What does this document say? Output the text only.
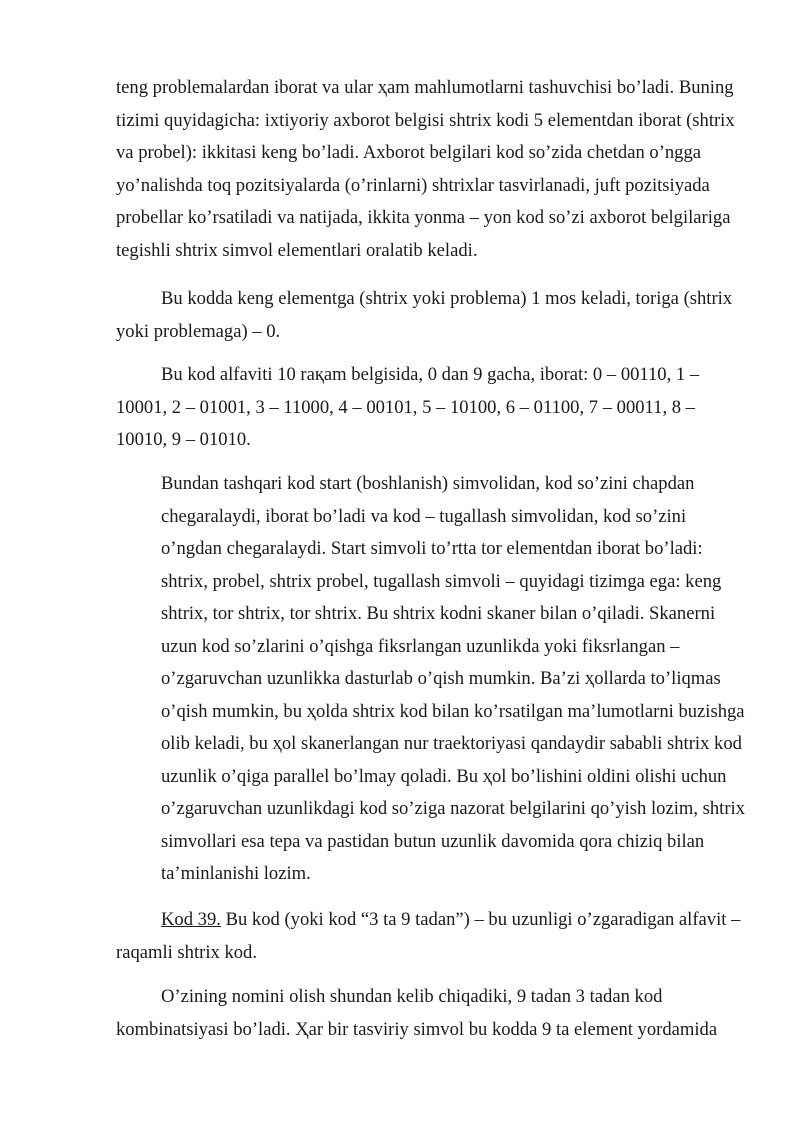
teng problemalardan iborat va ular ҳam mahlumotlarni tashuvchisi bo’ladi. Buning tizimi quyidagicha: ixtiyoriy axborot belgisi shtrix kodi 5 elementdan iborat (shtrix va probel): ikkitasi keng bo’ladi. Axborot belgilari kod so’zida chetdan o’ngga yo’nalishda toq pozitsiyalarda (o’rinlarni) shtrixlar tasvirlanadi, juft pozitsiyada probellar ko’rsatiladi va natijada, ikkita yonma – yon kod so’zi axborot belgilariga tegishli shtrix simvol elementlari oralatib keladi.

Bu kodda keng elementga (shtrix yoki problema) 1 mos keladi, toriga (shtrix yoki problemaga) – 0.

Bu kod alfaviti 10 raқam belgisida, 0 dan 9 gacha, iborat: 0 – 00110, 1 – 10001, 2 – 01001, 3 – 11000, 4 – 00101, 5 – 10100, 6 – 01100, 7 – 00011, 8 – 10010, 9 – 01010.

Bundan tashqari kod start (boshlanish) simvolidan, kod so’zini chapdan chegaralaydi, iborat bo’ladi va kod – tugallash simvolidan, kod so’zini o’ngdan chegaralaydi. Start simvoli to’rtta tor elementdan iborat bo’ladi: shtrix, probel, shtrix probel, tugallash simvoli – quyidagi tizimga ega: keng shtrix, tor shtrix, tor shtrix. Bu shtrix kodni skaner bilan o’qiladi. Skanerni uzun kod so’zlarini o’qishga fiksrlangan uzunlikda yoki fiksrlangan – o’zgaruvchan uzunlikka dasturlab o’qish mumkin. Ba’zi ҳollarda to’liqmas o’qish mumkin, bu ҳolda shtrix kod bilan ko’rsatilgan ma’lumotlarni buzishga olib keladi, bu ҳol skanerlangan nur traektoriyasi qandaydir sababli shtrix kod uzunlik o’qiga parallel bo’lmay qoladi. Bu ҳol bo’lishini oldini olishi uchun o’zgaruvchan uzunlikdagi kod so’ziga nazorat belgilarini qo’yish lozim, shtrix simvollari esa tepa va pastidan butun uzunlik davomida qora chiziq bilan ta’minlanishi lozim.

Kod 39. Bu kod (yoki kod “3 ta 9 tadan”) – bu uzunligi o’zgaradigan alfavit – raqamli shtrix kod.

O’zining nomini olish shundan kelib chiqadiki, 9 tadan 3 tadan kod kombinatsiyasi bo’ladi. Ҳar bir tasviriy simvol bu kodda 9 ta element yordamida
